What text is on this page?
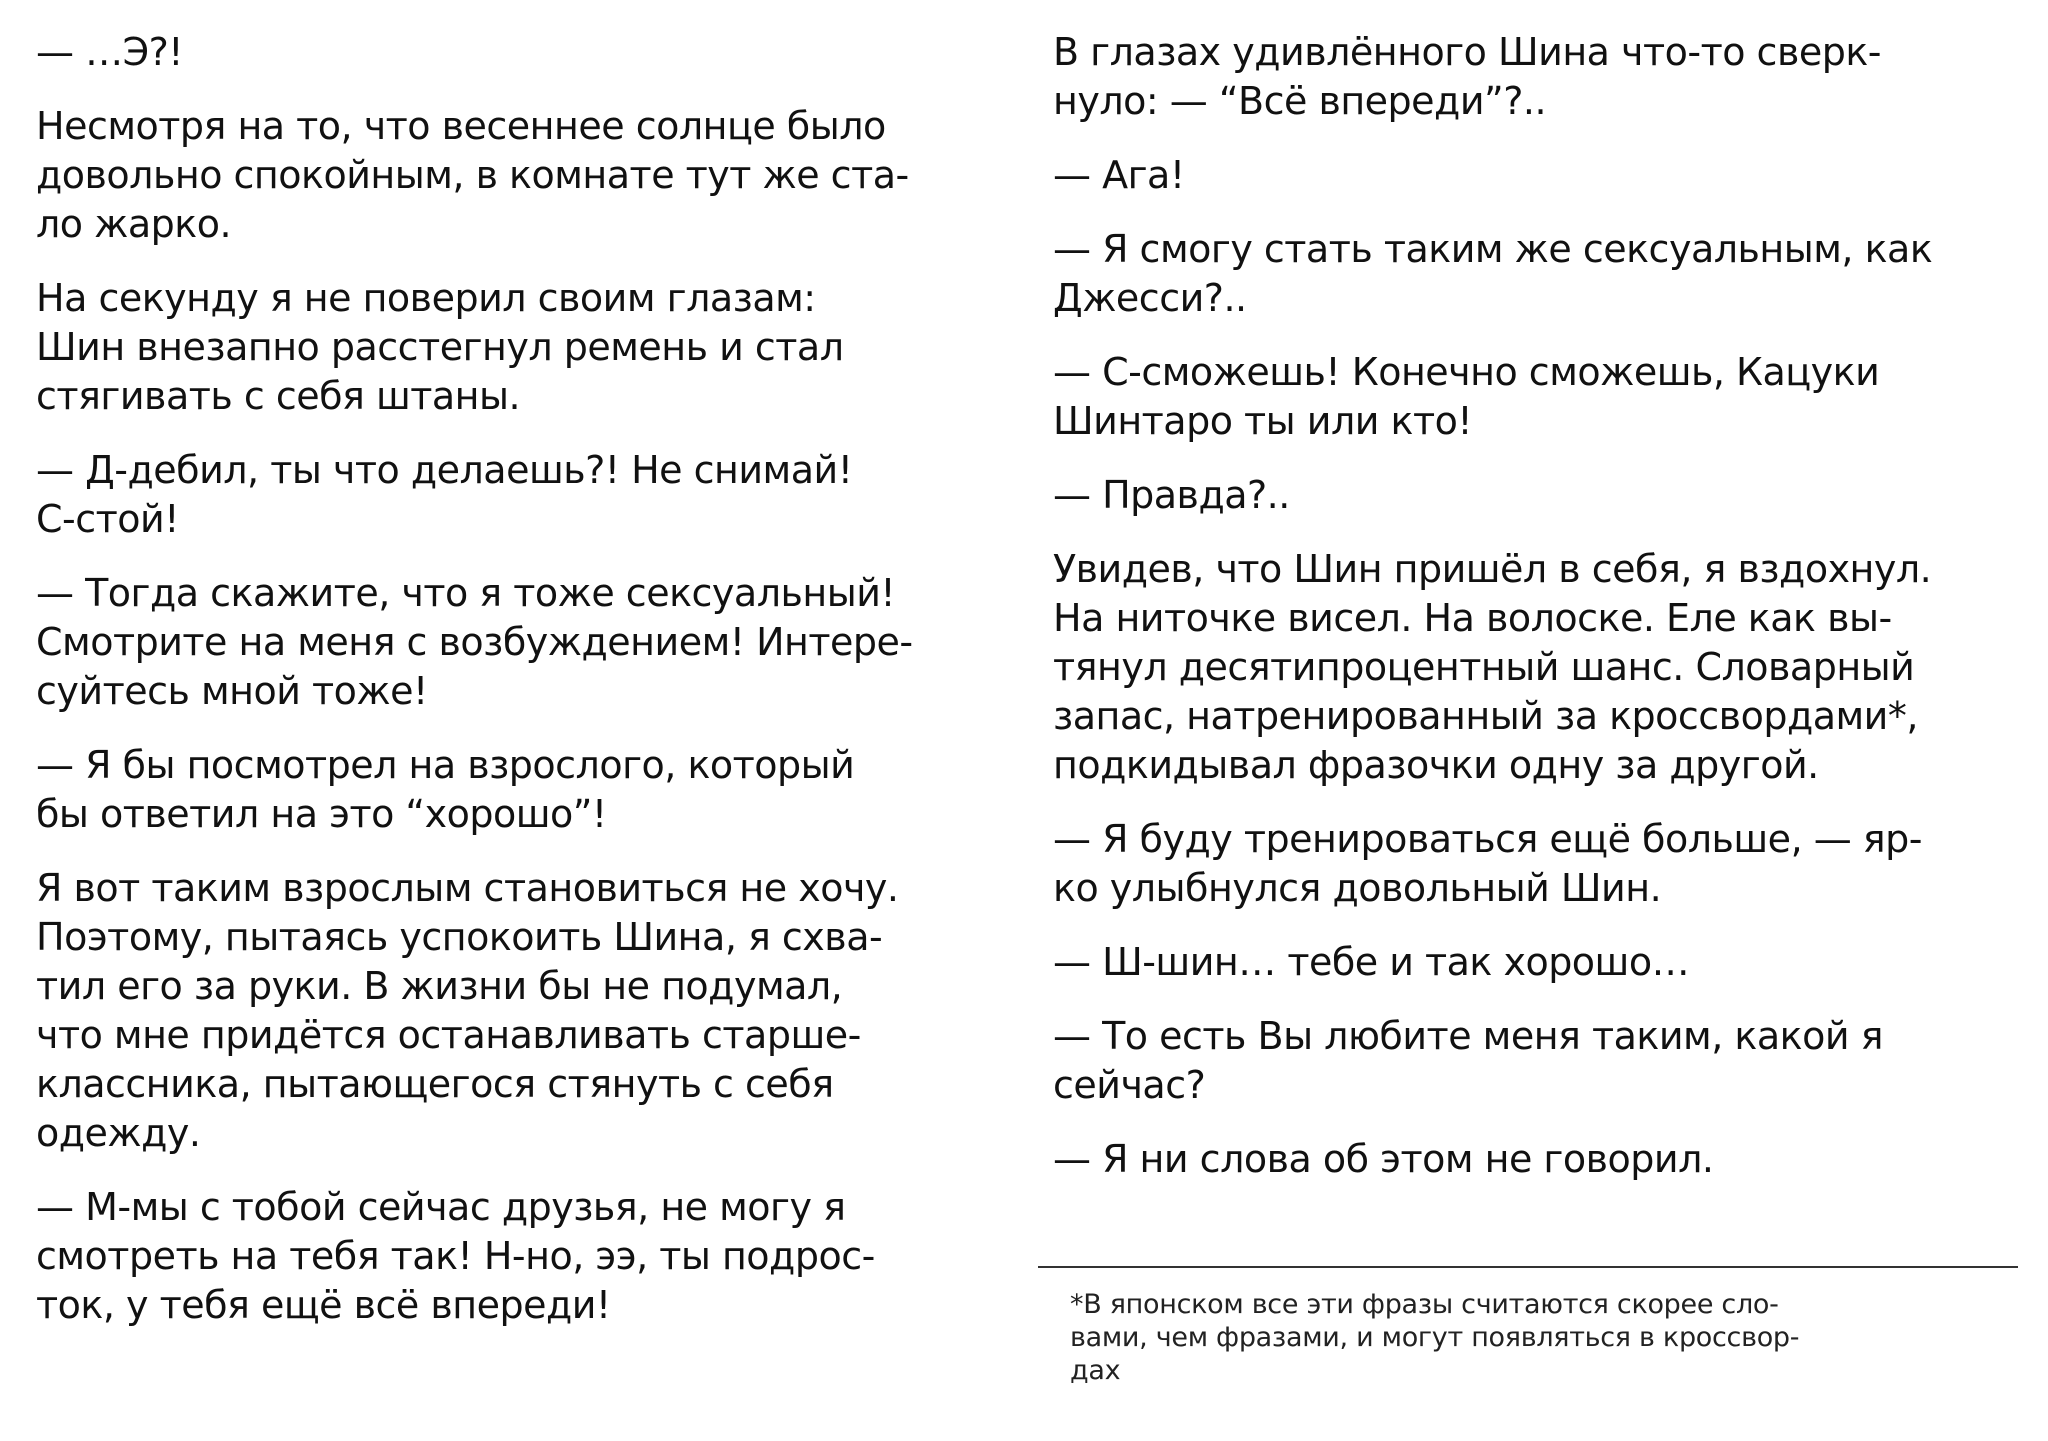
— …Э?!
Несмотря на то, что весеннее солнце было
довольно спокойным, в комнате тут же ста-
ло жарко.
На секунду я не поверил своим глазам:
Шин внезапно расстегнул ремень и стал
стягивать с себя штаны.
— Д-дебил, ты что делаешь?! Не снимай!
С-стой!
— Тогда скажите, что я тоже сексуальный!
Смотрите на меня с возбуждением! Интере-
суйтесь мной тоже!
— Я бы посмотрел на взрослого, который
бы ответил на это “хорошо”!
Я вот таким взрослым становиться не хочу.
Поэтому, пытаясь успокоить Шина, я схва-
тил его за руки. В жизни бы не подумал,
что мне придётся останавливать старше-
классника, пытающегося стянуть с себя
одежду.
— М-мы с тобой сейчас друзья, не могу я
смотреть на тебя так! Н-но, ээ, ты подрос-
ток, у тебя ещё всё впереди!
В глазах удивлённого Шина что-то сверк-
нуло: — “Всё впереди”?..
— Ага!
— Я смогу стать таким же сексуальным, как
Джесси?..
— С-сможешь! Конечно сможешь, Кацуки
Шинтаро ты или кто!
— Правда?..
Увидев, что Шин пришёл в себя, я вздохнул.
На ниточке висел. На волоске. Еле как вы-
тянул десятипроцентный шанс. Словарный
запас, натренированный за кроссвордами*,
подкидывал фразочки одну за другой.
— Я буду тренироваться ещё больше, — яр-
ко улыбнулся довольный Шин.
— Ш-шин… тебе и так хорошо…
— То есть Вы любите меня таким, какой я
сейчас?
— Я ни слова об этом не говорил.
*В японском все эти фразы считаются скорее сло-
вами, чем фразами, и могут появляться в кроссвор-
дах
